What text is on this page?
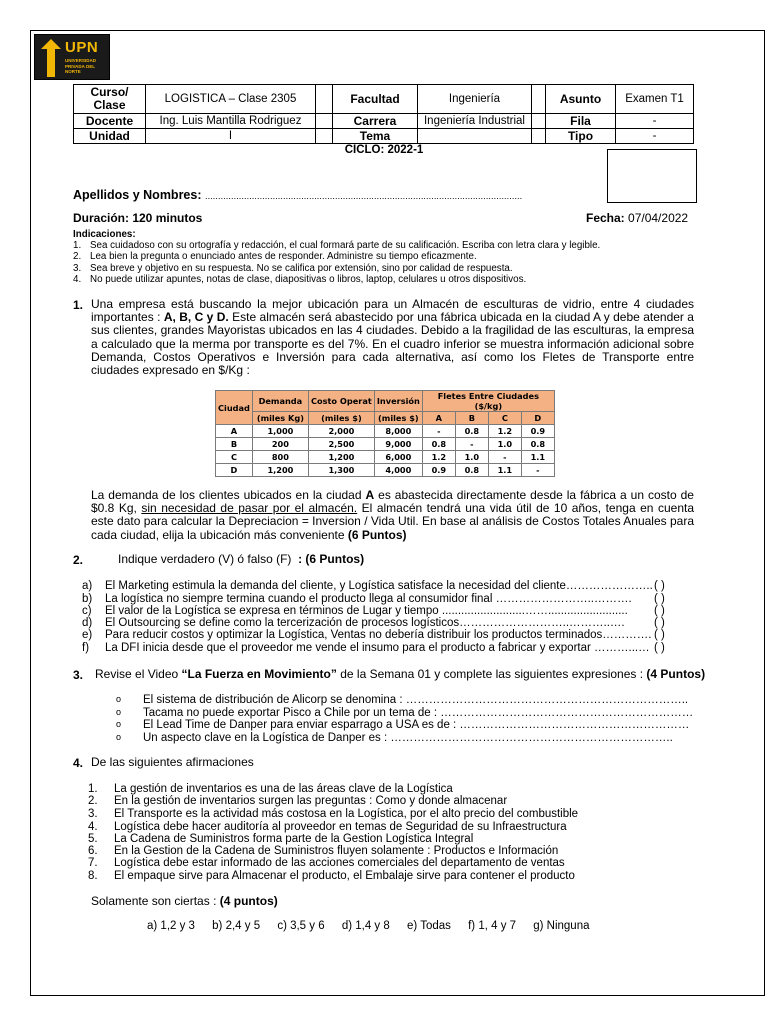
UPN
UNIVERSIDAD PRIVADA DEL NORTE
Curso/ Clase	LOGISTICA – Clase 2305		Facultad	Ingeniería		Asunto	Examen T1
Docente	Ing. Luis Mantilla Rodriguez		Carrera	Ingeniería Industrial		Fila	-
Unidad	I		Tema			Tipo	-
CICLO: 2022-1
Apellidos y Nombres: ..........................................................................................................................
Duración: 120 minutos	Fecha: 07/04/2022
Indicaciones:
1. Sea cuidadoso con su ortografía y redacción, el cual formará parte de su calificación. Escriba con letra clara y legible.
2. Lea bien la pregunta o enunciado antes de responder. Administre su tiempo eficazmente.
3. Sea breve y objetivo en su respuesta. No se califica por extensión, sino por calidad de respuesta.
4. No puede utilizar apuntes, notas de clase, diapositivas o libros, laptop, celulares u otros dispositivos.
1. Una empresa está buscando la mejor ubicación para un Almacén de esculturas de vidrio, entre 4 ciudades importantes : A, B, C y D. Este almacén será abastecido por una fábrica ubicada en la ciudad A y debe atender a sus clientes, grandes Mayoristas ubicados en las 4 ciudades. Debido a la fragilidad de las esculturas, la empresa a calculado que la merma por transporte es del 7%. En el cuadro inferior se muestra información adicional sobre Demanda, Costos Operativos e Inversión para cada alternativa, así como los Fletes de Transporte entre ciudades expresado en $/Kg :
Ciudad	Demanda	Costo Operat	Inversión	Fletes Entre Ciudades ($/kg)			
	(miles Kg)	(miles $)	(miles $)	A	B	C	D
A	1,000	2,000	8,000	-	0.8	1.2	0.9
B	200	2,500	9,000	0.8	-	1.0	0.8
C	800	1,200	6,000	1.2	1.0	-	1.1
D	1,200	1,300	4,000	0.9	0.8	1.1	-
La demanda de los clientes ubicados en la ciudad A es abastecida directamente desde la fábrica a un costo de $0.8 Kg, sin necesidad de pasar por el almacén. El almacén tendrá una vida útil de 10 años, tenga en cuenta este dato para calcular la Depreciacion = Inversion / Vida Util. En base al análisis de Costos Totales Anuales para cada ciudad, elija la ubicación más conveniente (6 Puntos)
2.	Indique verdadero (V) ó falso (F) : (6 Puntos)
a) El Marketing estimula la demanda del cliente, y Logística satisface la necesidad del cliente………………….. ( )
b) La logística no siempre termina cuando el producto llega al consumidor final ……………………..………. ( )
c) El valor de la Logística se expresa en términos de Lugar y tiempo ..........................……......................... ( )
d) El Outsourcing se define como la tercerización de procesos logísticos………………………..………..….	( )
e) Para reducir costos y optimizar la Logística, Ventas no debería distribuir los productos terminados…………. ( )
f) La DFI inicia desde que el proveedor me vende el insumo para el producto a fabricar y exportar ………...… ( )
3. Revise el Video “La Fuerza en Movimiento” de la Semana 01 y complete las siguientes expresiones : (4 Puntos)
o El sistema de distribución de Alicorp se denomina : ………………………………………………………………..
o Tacama no puede exportar Pisco a Chile por un tema de : …………………………………………………………
o El Lead Time de Danper para enviar esparrago a USA es de : ……………………………………………………
o Un aspecto clave en la Logística de Danper es : ………………………………………………………………..
4. De las siguientes afirmaciones
1. La gestión de inventarios es una de las áreas clave de la Logística
2. En la gestión de inventarios surgen las preguntas : Como y donde almacenar
3. El Transporte es la actividad más costosa en la Logística, por el alto precio del combustible
4. Logística debe hacer auditoría al proveedor en temas de Seguridad de su Infraestructura
5. La Cadena de Suministros forma parte de la Gestion Logística Integral
6. En la Gestion de la Cadena de Suministros fluyen solamente : Productos e Información
7. Logística debe estar informado de las acciones comerciales del departamento de ventas
8. El empaque sirve para Almacenar el producto, el Embalaje sirve para contener el producto
Solamente son ciertas : (4 puntos)
a) 1,2 y 3 b) 2,4 y 5 c) 3,5 y 6 d) 1,4 y 8 e) Todas f) 1, 4 y 7 g) Ninguna
